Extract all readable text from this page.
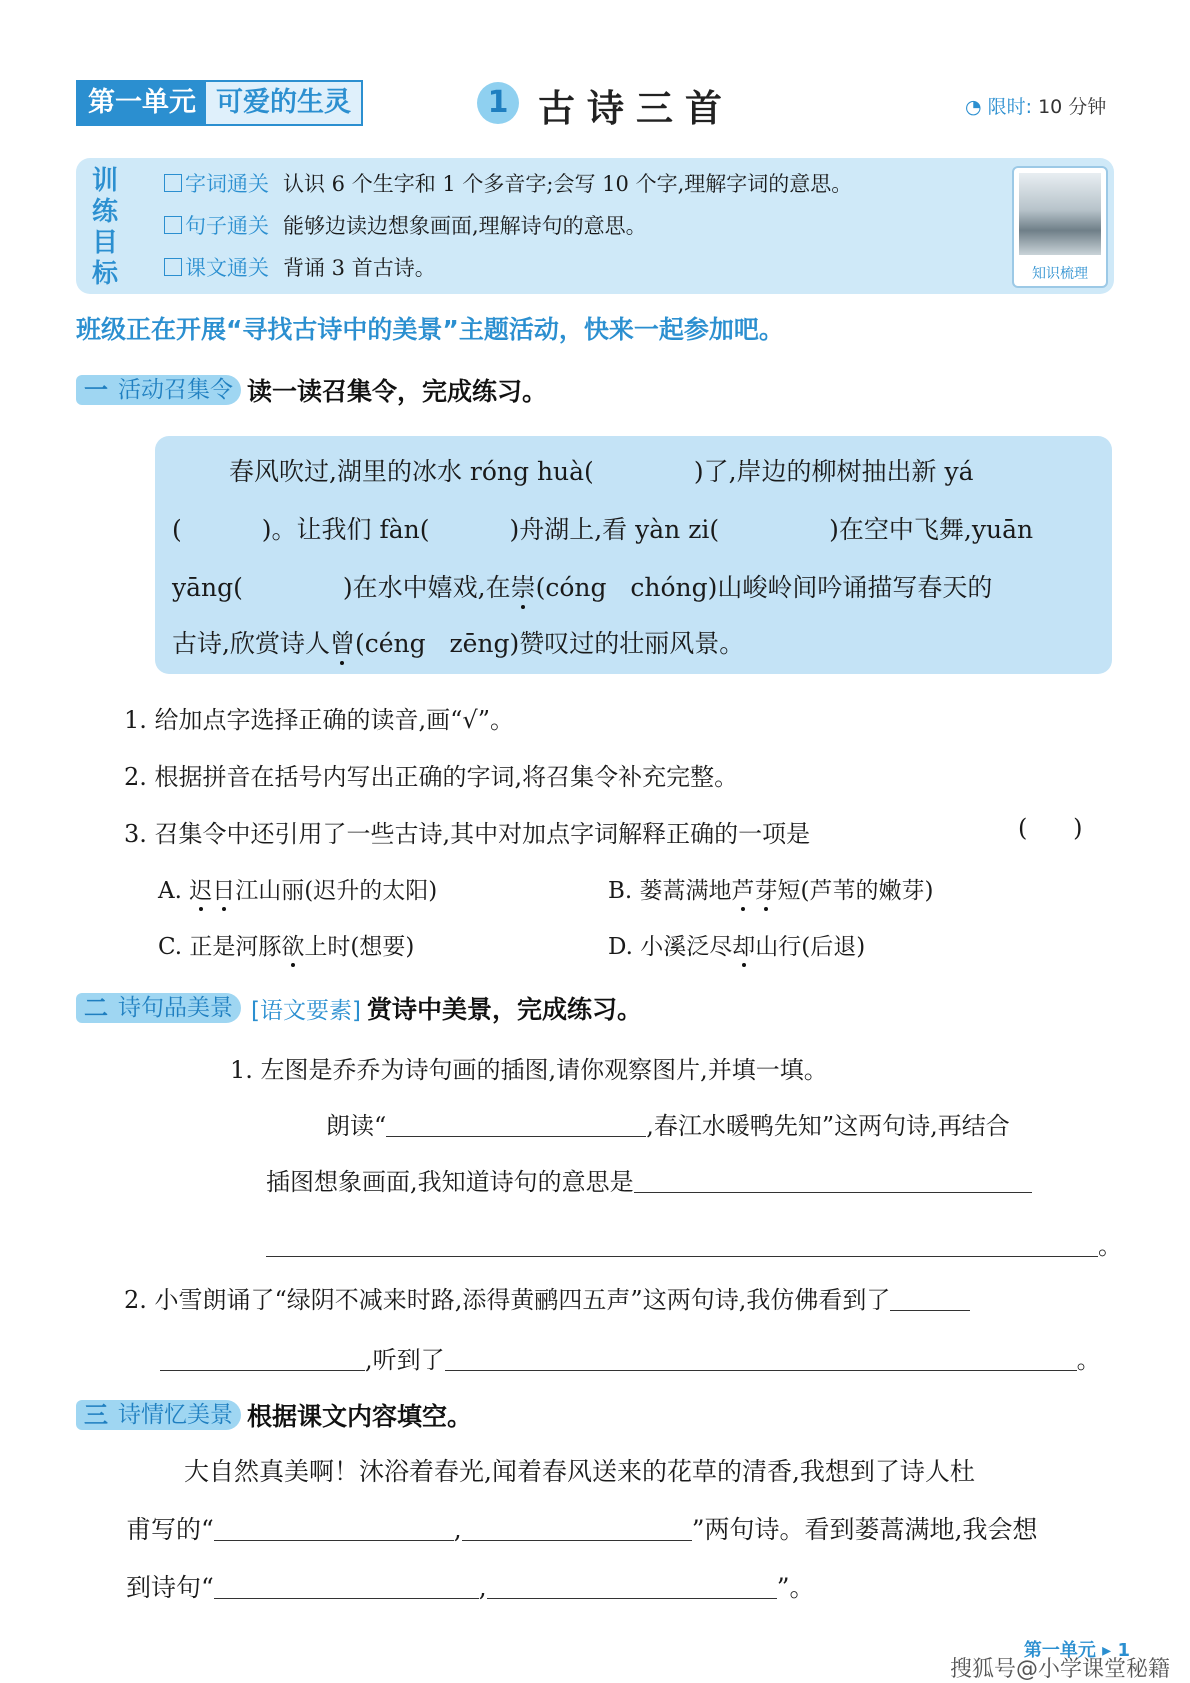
第一单元 可爱的生灵	1 古诗三首	◔ 限时: 10 分钟
训
练
目
标
字词通关 认识 6 个生字和 1 个多音字;会写 10 个字,理解字词的意思。
句子通关 能够边读边想象画面,理解诗句的意思。
课文通关 背诵 3 首古诗。	知识梳理
班级正在开展“寻找古诗中的美景”主题活动，快来一起参加吧。
一 活动召集令 读一读召集令，完成练习。
春风吹过,湖里的冰水 róng huà(	)了,岸边的柳树抽出新 yá
(	)。让我们 fàn(	)舟湖上,看 yàn zi(	)在空中飞舞,yuān
yāng(	)在水中嬉戏,在崇(cóng   chóng)山峻岭间吟诵描写春天的
古诗,欣赏诗人曾(céng   zēng)赞叹过的壮丽风景。
1. 给加点字选择正确的读音,画“√”。
2. 根据拼音在括号内写出正确的字词,将召集令补充完整。
3. 召集令中还引用了一些古诗,其中对加点字词解释正确的一项是	(      )
A. 迟日江山丽(迟升的太阳)	B. 蒌蒿满地芦芽短(芦苇的嫩芽)
C. 正是河豚欲上时(想要)	D. 小溪泛尽却山行(后退)
二 诗句品美景 [语文要素] 赏诗中美景，完成练习。
1. 左图是乔乔为诗句画的插图,请你观察图片,并填一填。
朗读“	,春江水暖鸭先知”这两句诗,再结合
插图想象画面,我知道诗句的意思是
。
2. 小雪朗诵了“绿阴不减来时路,添得黄鹂四五声”这两句诗,我仿佛看到了
,听到了	。
三 诗情忆美景 根据课文内容填空。
大自然真美啊！沐浴着春光,闻着春风送来的花草的清香,我想到了诗人杜
甫写的“	,	”两句诗。看到蒌蒿满地,我会想
到诗句“	,	”。
第一单元 ▸ 1
搜狐号@小学课堂秘籍
